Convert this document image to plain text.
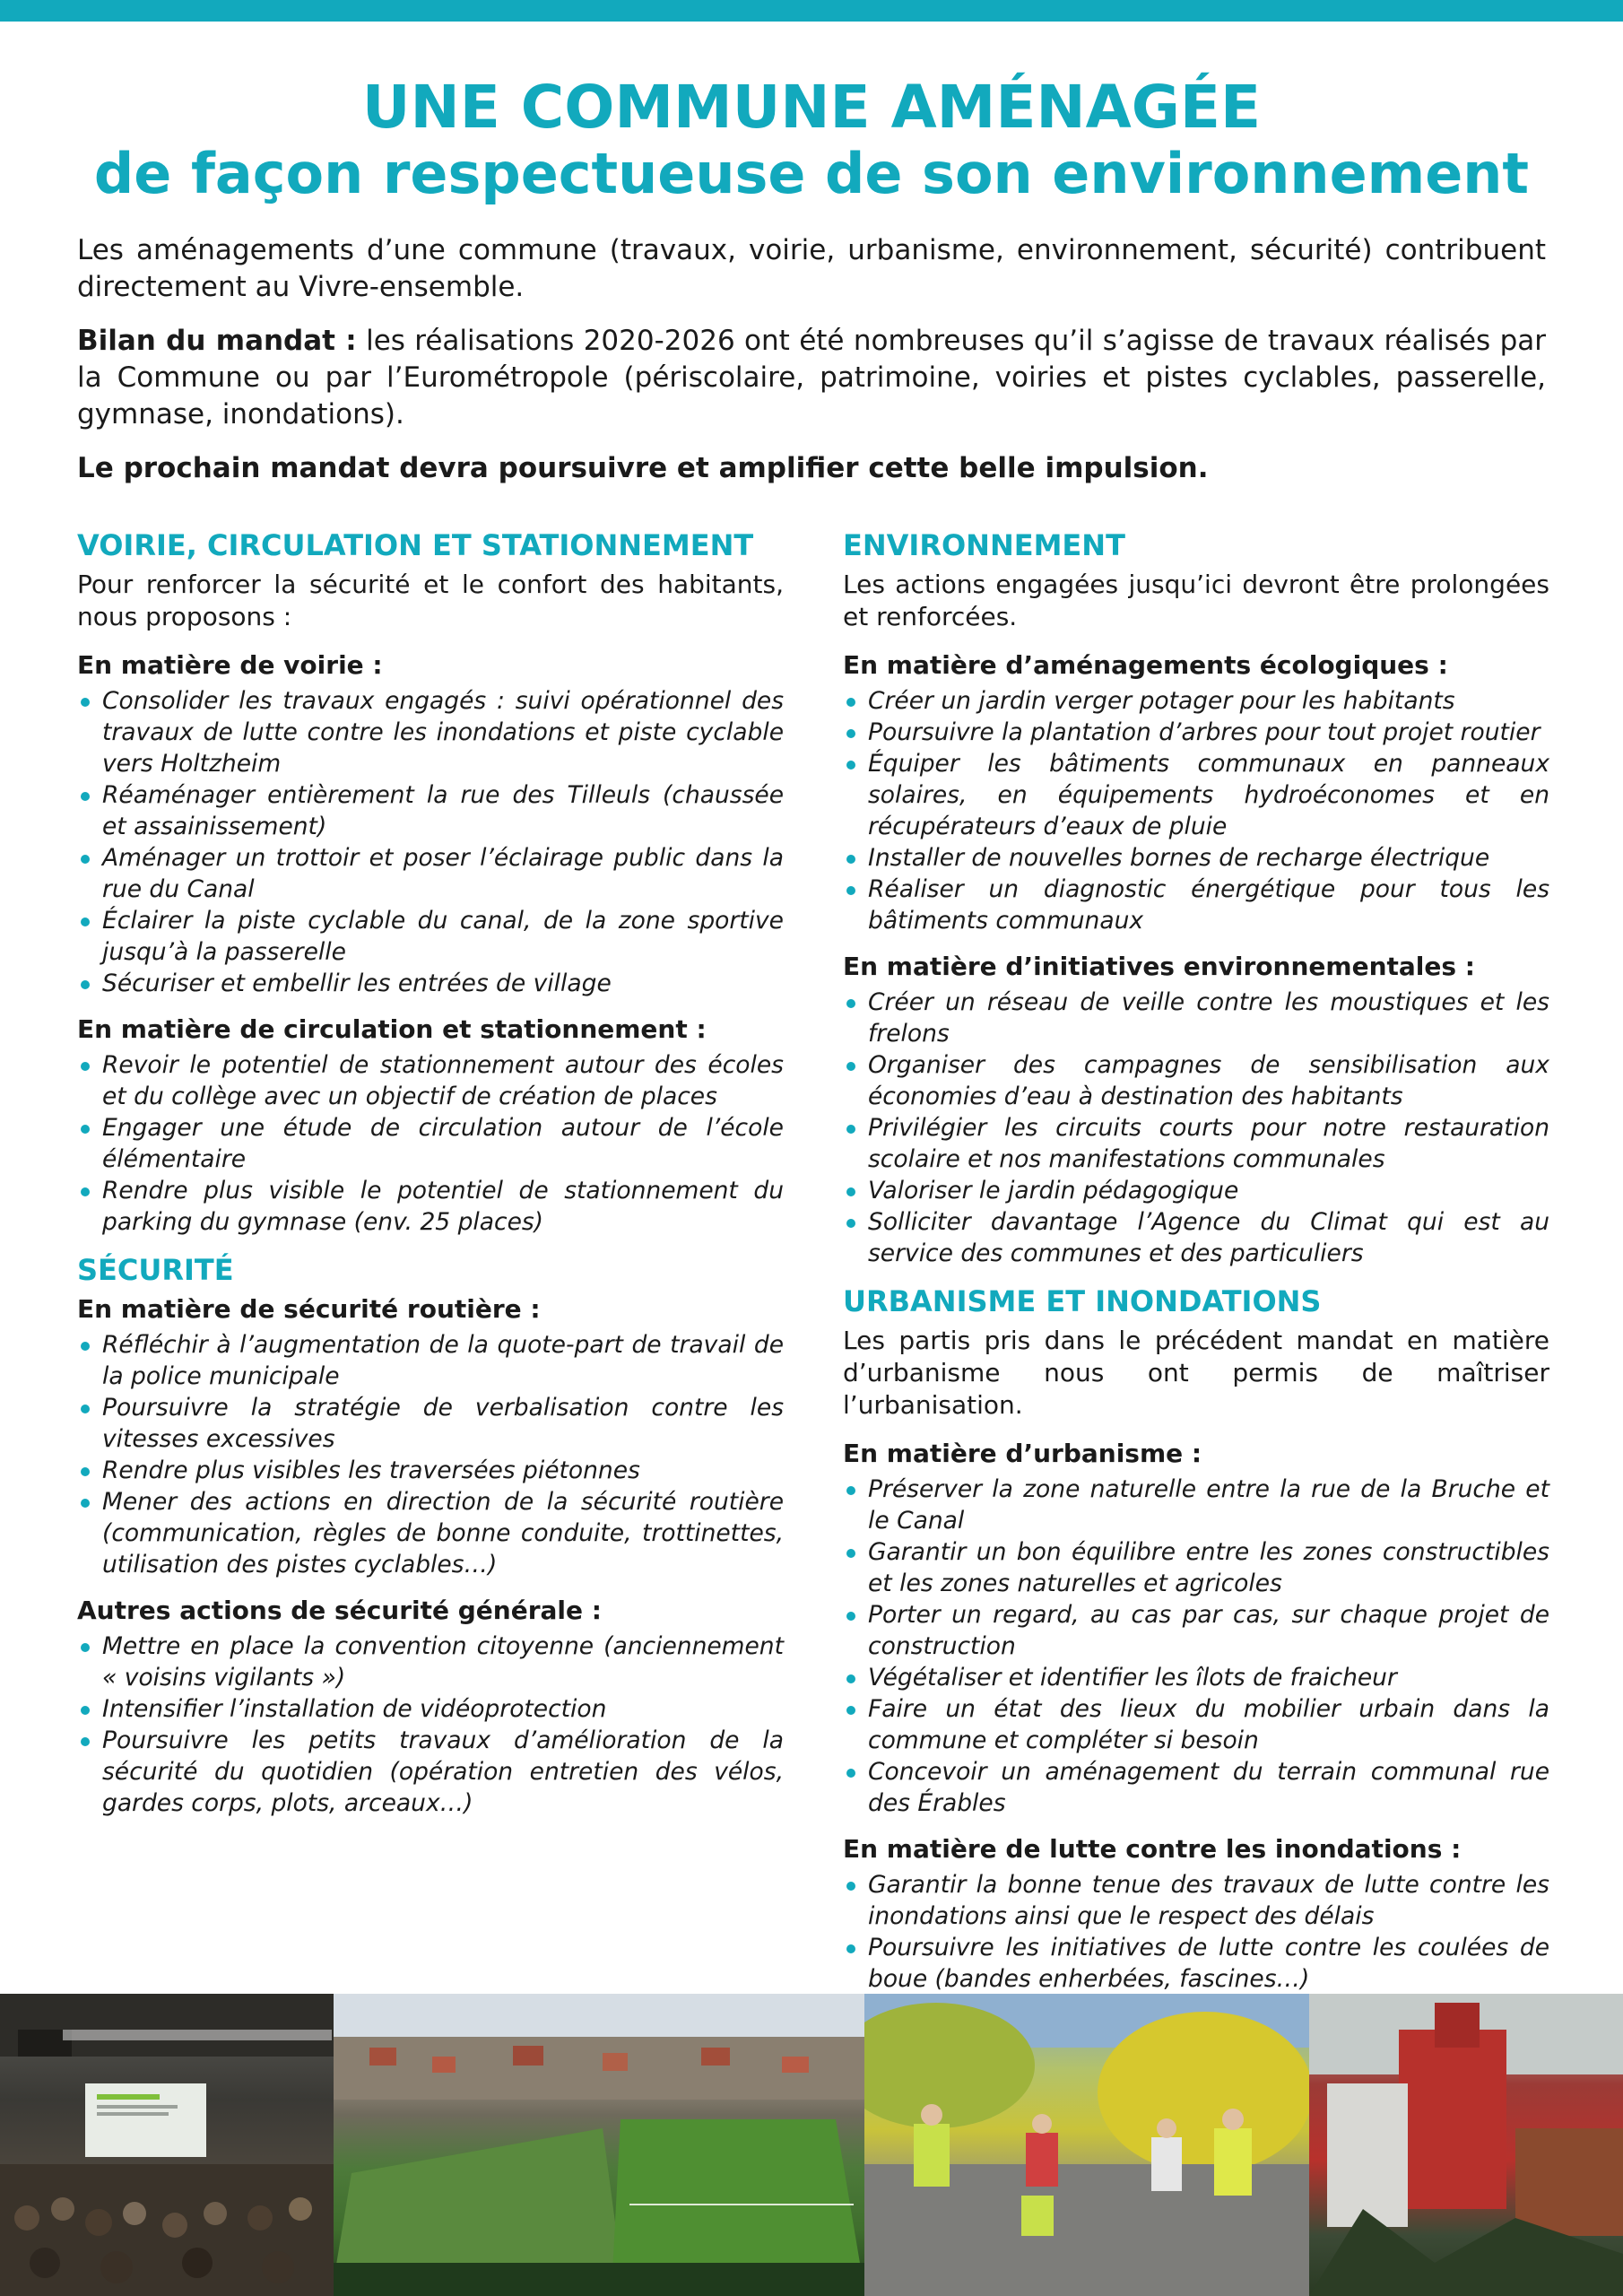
UNE COMMUNE AMÉNAGÉE
de façon respectueuse de son environnement

Les aménagements d’une commune (travaux, voirie, urbanisme, environnement, sécurité) contribuent directement au Vivre-ensemble.

Bilan du mandat : les réalisations 2020-2026 ont été nombreuses qu’il s’agisse de travaux réalisés par la Commune ou par l’Eurométropole (périscolaire, patrimoine, voiries et pistes cyclables, passerelle, gymnase, inondations).

Le prochain mandat devra poursuivre et amplifier cette belle impulsion.

VOIRIE, CIRCULATION ET STATIONNEMENT
Pour renforcer la sécurité et le confort des habitants, nous proposons :
En matière de voirie :
Consolider les travaux engagés : suivi opérationnel des travaux de lutte contre les inondations et piste cyclable vers Holtzheim
Réaménager entièrement la rue des Tilleuls (chaussée et assainissement)
Aménager un trottoir et poser l’éclairage public dans la rue du Canal
Éclairer la piste cyclable du canal, de la zone sportive jusqu’à la passerelle
Sécuriser et embellir les entrées de village
En matière de circulation et stationnement :
Revoir le potentiel de stationnement autour des écoles et du collège avec un objectif de création de places
Engager une étude de circulation autour de l’école élémentaire
Rendre plus visible le potentiel de stationnement du parking du gymnase (env. 25 places)
SÉCURITÉ
En matière de sécurité routière :
Réfléchir à l’augmentation de la quote-part de travail de la police municipale
Poursuivre la stratégie de verbalisation contre les vitesses excessives
Rendre plus visibles les traversées piétonnes
Mener des actions en direction de la sécurité routière (communication, règles de bonne conduite, trottinettes, utilisation des pistes cyclables…)
Autres actions de sécurité générale :
Mettre en place la convention citoyenne (anciennement « voisins vigilants »)
Intensifier l’installation de vidéoprotection
Poursuivre les petits travaux d’amélioration de la sécurité du quotidien (opération entretien des vélos, gardes corps, plots, arceaux…)
ENVIRONNEMENT
Les actions engagées jusqu’ici devront être prolongées et renforcées.
En matière d’aménagements écologiques :
Créer un jardin verger potager pour les habitants
Poursuivre la plantation d’arbres pour tout projet routier
Équiper les bâtiments communaux en panneaux solaires, en équipements hydroéconomes et en récupérateurs d’eaux de pluie
Installer de nouvelles bornes de recharge électrique
Réaliser un diagnostic énergétique pour tous les bâtiments communaux
En matière d’initiatives environnementales :
Créer un réseau de veille contre les moustiques et les frelons
Organiser des campagnes de sensibilisation aux économies d’eau à destination des habitants
Privilégier les circuits courts pour notre restauration scolaire et nos manifestations communales
Valoriser le jardin pédagogique
Solliciter davantage l’Agence du Climat qui est au service des communes et des particuliers
URBANISME ET INONDATIONS
Les partis pris dans le précédent mandat en matière d’urbanisme nous ont permis de maîtriser l’urbanisation.
En matière d’urbanisme :
Préserver la zone naturelle entre la rue de la Bruche et le Canal
Garantir un bon équilibre entre les zones constructibles et les zones naturelles et agricoles
Porter un regard, au cas par cas, sur chaque projet de construction
Végétaliser et identifier les îlots de fraicheur
Faire un état des lieux du mobilier urbain dans la commune et compléter si besoin
Concevoir un aménagement du terrain communal rue des Érables
En matière de lutte contre les inondations :
Garantir la bonne tenue des travaux de lutte contre les inondations ainsi que le respect des délais
Poursuivre les initiatives de lutte contre les coulées de boue (bandes enherbées, fascines…)
